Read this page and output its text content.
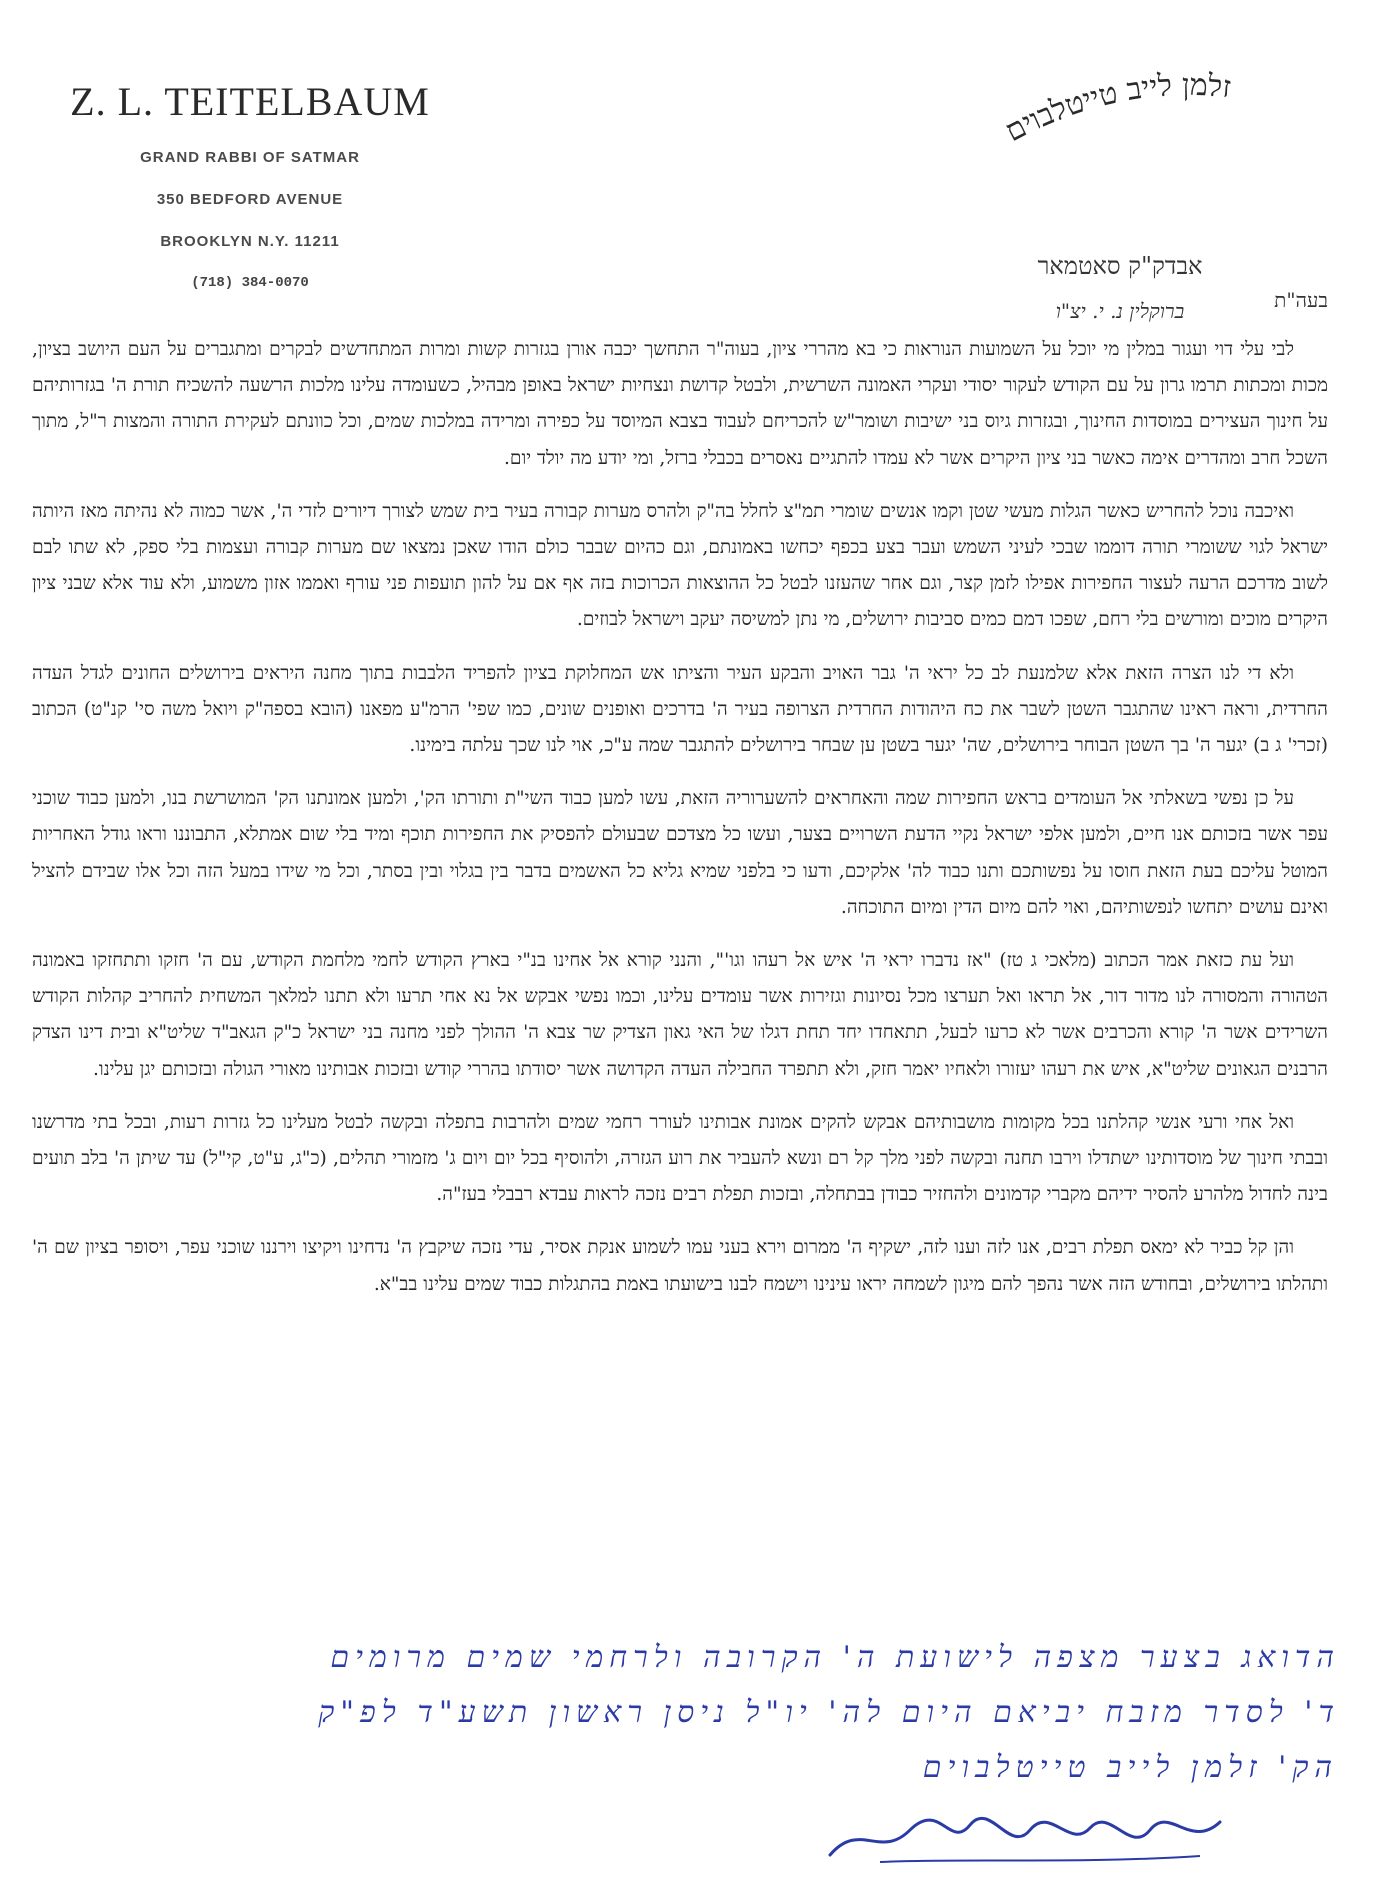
Z. L. TEITELBAUM
GRAND RABBI OF SATMAR
350 BEDFORD AVENUE
BROOKLYN N.Y. 11211
(718) 384-0070
זלמן לייב טייטלבוים
אבדק"ק סאטמאר
ברוקלין נ. י. יצ"ו	בעה"ת

לבי עלי דוי ועגור במלין מי יוכל על השמועות הנוראות כי בא מהררי ציון, בעוה"ר התחשך יכבה אורן בגזרות קשות ומרות המתחדשים לבקרים ומתגברים על העם היושב בציון, מכות ומכתות תרמו גרון על עם הקודש לעקור יסודי ועקרי האמונה השרשית, ולבטל קדושת ונצחיות ישראל באופן מבהיל, כשעומדה עלינו מלכות הרשעה להשכיח תורת ה' בגזרותיהם על חינוך העצירים במוסדות החינוך, ובגזרות גיוס בני ישיבות ושומר"ש להכריחם לעבוד בצבא המיוסד על כפירה ומרידה במלכות שמים, וכל כוונתם לעקירת התורה והמצות ר"ל, מתוך השכל חרב ומהדרים אימה כאשר בני ציון היקרים אשר לא עמדו להתגיים נאסרים בכבלי ברזל, ומי יודע מה יולד יום.

ואיכבה נוכל להחריש כאשר הגלות מעשי שטן וקמו אנשים שומרי תמ"צ לחלל בה"ק ולהרס מערות קבורה בעיר בית שמש לצורך דיורים לזדי ה', אשר כמוה לא נהיתה מאז היותה ישראל לגוי ששומרי תורה דוממו שבכי לעיני השמש ועבר בצע בכפף יכחשו באמונתם, וגם כהיום שבבר כולם הודו שאכן נמצאו שם מערות קבורה ועצמות בלי ספק, לא שתו לבם לשוב מדרכם הרעה לעצור החפירות אפילו לזמן קצר, וגם אחר שהעזנו לבטל כל ההוצאות הכרוכות בזה אף אם על להון תועפות פני עורף ואממו אזון משמוע, ולא עוד אלא שבני ציון היקרים מוכים ומורשים בלי רחם, שפכו דמם כמים סביבות ירושלים, מי נתן למשיסה יעקב וישראל לבוזים.

ולא די לנו הצרה הזאת אלא שלמנעת לב כל יראי ה' גבר האויב והבקע העיר והציתו אש המחלוקת בציון להפריד הלבבות בתוך מחנה היראים בירושלים החונים לגדל העדה החרדית, וראה ראינו שהתגבר השטן לשבר את כח היהודות החרדית הצרופה בעיר ה' בדרכים ואופנים שונים, כמו שפי' הרמ"ע מפאנו (הובא בספה"ק ויואל משה סי' קנ"ט) הכתוב (זכרי' ג ב) יגער ה' בך השטן הבוחר בירושלים, שה' יגער בשטן ען שבחר בירושלים להתגבר שמה ע"כ, אוי לנו שכך עלתה בימינו.

על כן נפשי בשאלתי אל העומדים בראש החפירות שמה והאחראים להשערוריה הזאת, עשו למען כבוד השי"ת ותורתו הק', ולמען אמונתנו הק' המושרשת בנו, ולמען כבוד שוכני עפר אשר בזכותם אנו חיים, ולמען אלפי ישראל נקיי הדעת השרויים בצער, ועשו כל מצדכם שבעולם להפסיק את החפירות תוכף ומיד בלי שום אמתלא, התבוננו וראו גודל האחריות המוטל עליכם בעת הזאת חוסו על נפשותכם ותנו כבוד לה' אלקיכם, ודעו כי בלפני שמיא גליא כל האשמים בדבר בין בגלוי ובין בסתר, וכל מי שידו במעל הזה וכל אלו שבידם להציל ואינם עושים יתחשו לנפשותיהם, ואוי להם מיום הדין ומיום התוכחה.

ועל עת כזאת אמר הכתוב (מלאכי ג טז) "אז נדברו יראי ה' איש אל רעהו וגו'", והנני קורא אל אחינו בנ"י בארץ הקודש לחמי מלחמת הקודש, עם ה' חזקו ותתחזקו באמונה הטהורה והמסורה לנו מדור דור, אל תראו ואל תערצו מכל נסיונות וגזירות אשר עומדים עלינו, וכמו נפשי אבקש אל נא אחי תרעו ולא תתנו למלאך המשחית להחריב קהלות הקודש השרידים אשר ה' קורא והכרבים אשר לא כרעו לבעל, תתאחדו יחד תחת דגלו של האי גאון הצדיק שר צבא ה' ההולך לפני מחנה בני ישראל כ"ק הגאב"ד שליט"א ובית דינו הצדק הרבנים הגאונים שליט"א, איש את רעהו יעזורו ולאחיו יאמר חזק, ולא תתפרד החבילה העדה הקדושה אשר יסודתו בהררי קודש ובזכות אבותינו מאורי הגולה ובזכותם יגן עלינו.

ואל אחי ורעי אנשי קהלתנו בכל מקומות מושבותיהם אבקש להקים אמונת אבותינו לעורר רחמי שמים ולהרבות בתפלה ובקשה לבטל מעלינו כל גזרות רעות, ובכל בתי מדרשנו ובבתי חינוך של מוסדותינו ישתדלו וירבו תחנה ובקשה לפני מלך קל רם ונשא להעביר את רוע הגזרה, ולהוסיף בכל יום ויום ג' מזמורי תהלים, (כ"ג, ע"ט, קי"ל) עד שיתן ה' בלב תועים בינה לחדול מלהרע להסיר ידיהם מקברי קדמונים ולהחזיר כבודן בבתחלה, ובזכות תפלת רבים נזכה לראות עבדא רבבלי בעז"ה.

והן קל כביר לא ימאס תפלת רבים, אנו לזה וענו לזה, ישקיף ה' ממרום וירא בעני עמו לשמוע אנקת אסיר, עדי נזכה שיקבץ ה' נדחינו ויקיצו וירננו שוכני עפר, ויסופר בציון שם ה' ותהלתו בירושלים, ובחודש הזה אשר נהפך להם מיגון לשמחה יראו עינינו וישמח לבנו בישועתו באמת בהתגלות כבוד שמים עלינו בב"א.

הדואג בצער מצפה לישועת ה' הקרובה ולרחמי שמים מרומים
ד' לסדר מזבח יביאם היום לה' יו"ל ניסן ראשון תשע"ד לפ"ק
הק' זלמן לייב טייטלבוים
